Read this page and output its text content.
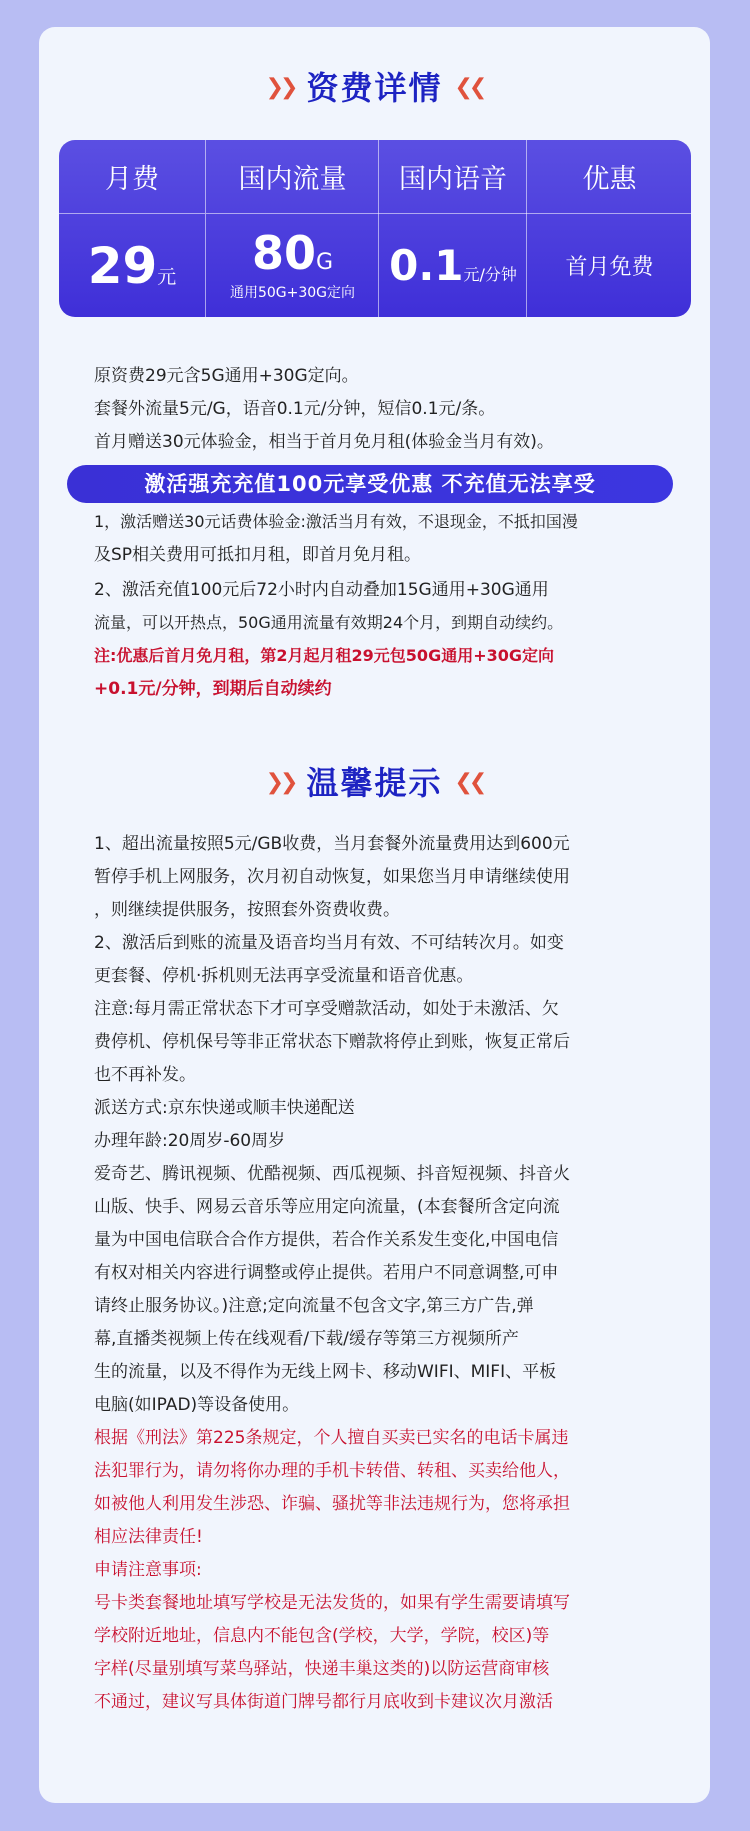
❯❯ 资费详情 ❮❮
月费
29元
国内流量
80G
通用50G+30G定向
国内语音
0.1元/分钟
优惠
首月免费
原资费29元含5G通用+30G定向。
套餐外流量5元/G，语音0.1元/分钟，短信0.1元/条。
首月赠送30元体验金，相当于首月免月租(体验金当月有效)。
激活强充充值100元享受优惠 不充值无法享受
1，激活赠送30元话费体验金:激活当月有效，不退现金，不抵扣国漫
及SP相关费用可抵扣月租，即首月免月租。
2、激活充值100元后72小时内自动叠加15G通用+30G通用
流量，可以开热点，50G通用流量有效期24个月，到期自动续约。
注:优惠后首月免月租，第2月起月租29元包50G通用+30G定向
+0.1元/分钟，到期后自动续约
❯❯ 温馨提示 ❮❮
1、超出流量按照5元/GB收费，当月套餐外流量费用达到600元
暂停手机上网服务，次月初自动恢复，如果您当月申请继续使用
，则继续提供服务，按照套外资费收费。
2、激活后到账的流量及语音均当月有效、不可结转次月。如变
更套餐、停机·拆机则无法再享受流量和语音优惠。
注意:每月需正常状态下才可享受赠款活动，如处于未激活、欠
费停机、停机保号等非正常状态下赠款将停止到账，恢复正常后
也不再补发。
派送方式:京东快递或顺丰快递配送
办理年龄:20周岁-60周岁
爱奇艺、腾讯视频、优酷视频、西瓜视频、抖音短视频、抖音火
山版、快手、网易云音乐等应用定向流量，(本套餐所含定向流
量为中国电信联合合作方提供，若合作关系发生变化,中国电信
有权对相关内容进行调整或停止提供。若用户不同意调整,可申
请终止服务协议。)注意;定向流量不包含文字,第三方广告,弹
幕,直播类视频上传在线观看/下载/缓存等第三方视频所产
生的流量，以及不得作为无线上网卡、移动WIFI、MIFI、平板
电脑(如IPAD)等设备使用。
根据《刑法》第225条规定，个人擅自买卖已实名的电话卡属违
法犯罪行为，请勿将你办理的手机卡转借、转租、买卖给他人，
如被他人利用发生涉恐、诈骗、骚扰等非法违规行为，您将承担
相应法律责任!
申请注意事项:
号卡类套餐地址填写学校是无法发货的，如果有学生需要请填写
学校附近地址，信息内不能包含(学校，大学，学院，校区)等
字样(尽量别填写菜鸟驿站，快递丰巢这类的)以防运营商审核
不通过，建议写具体街道门牌号都行月底收到卡建议次月激活
